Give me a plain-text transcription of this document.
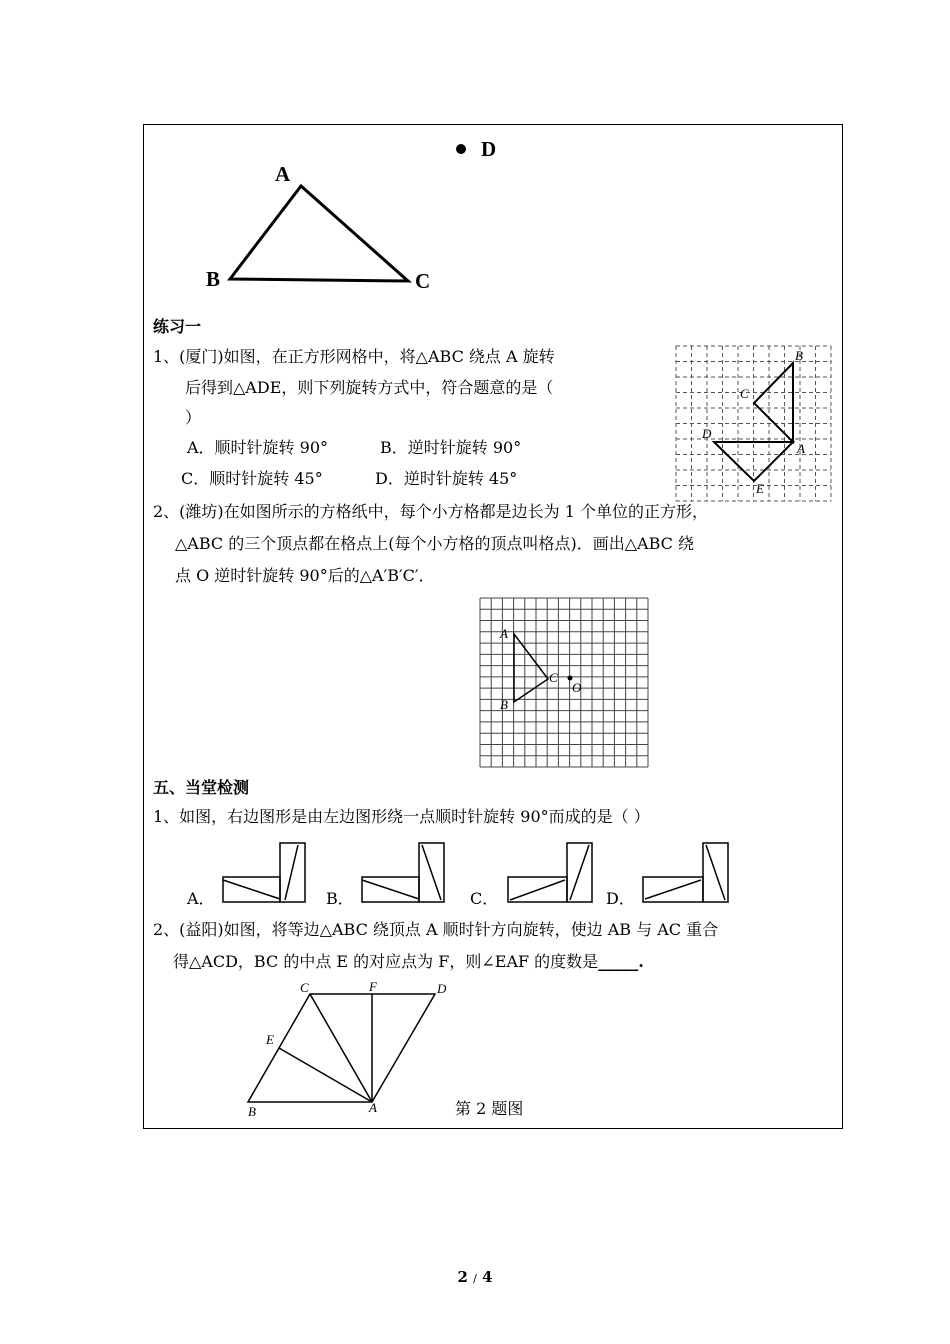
D
A
B	C
练习一
1、(厦门)如图，在正方形网格中，将△ABC 绕点 A 旋转
后得到△ADE，则下列旋转方式中，符合题意的是（
）
A．顺时针旋转 90°	B．逆时针旋转 90°
C．顺时针旋转 45°	D．逆时针旋转 45°
B
C
D
A
E
2、(潍坊)在如图所示的方格纸中，每个小方格都是边长为 1 个单位的正方形，
△ABC 的三个顶点都在格点上(每个小方格的顶点叫格点)．画出△ABC 绕
点 O 逆时针旋转 90°后的△A′B′C′．
A
B
C
O
五、当堂检测
1、如图，右边图形是由左边图形绕一点顺时针旋转 90°而成的是（ ）
A．	B．	C．	D．
2、(益阳)如图，将等边△ABC 绕顶点 A 顺时针方向旋转，使边 AB 与 AC 重合
得△ACD，BC 的中点 E 的对应点为 F，则∠EAF 的度数是_____.
C	F	D
E
B	A	第 2 题图
2 / 4
